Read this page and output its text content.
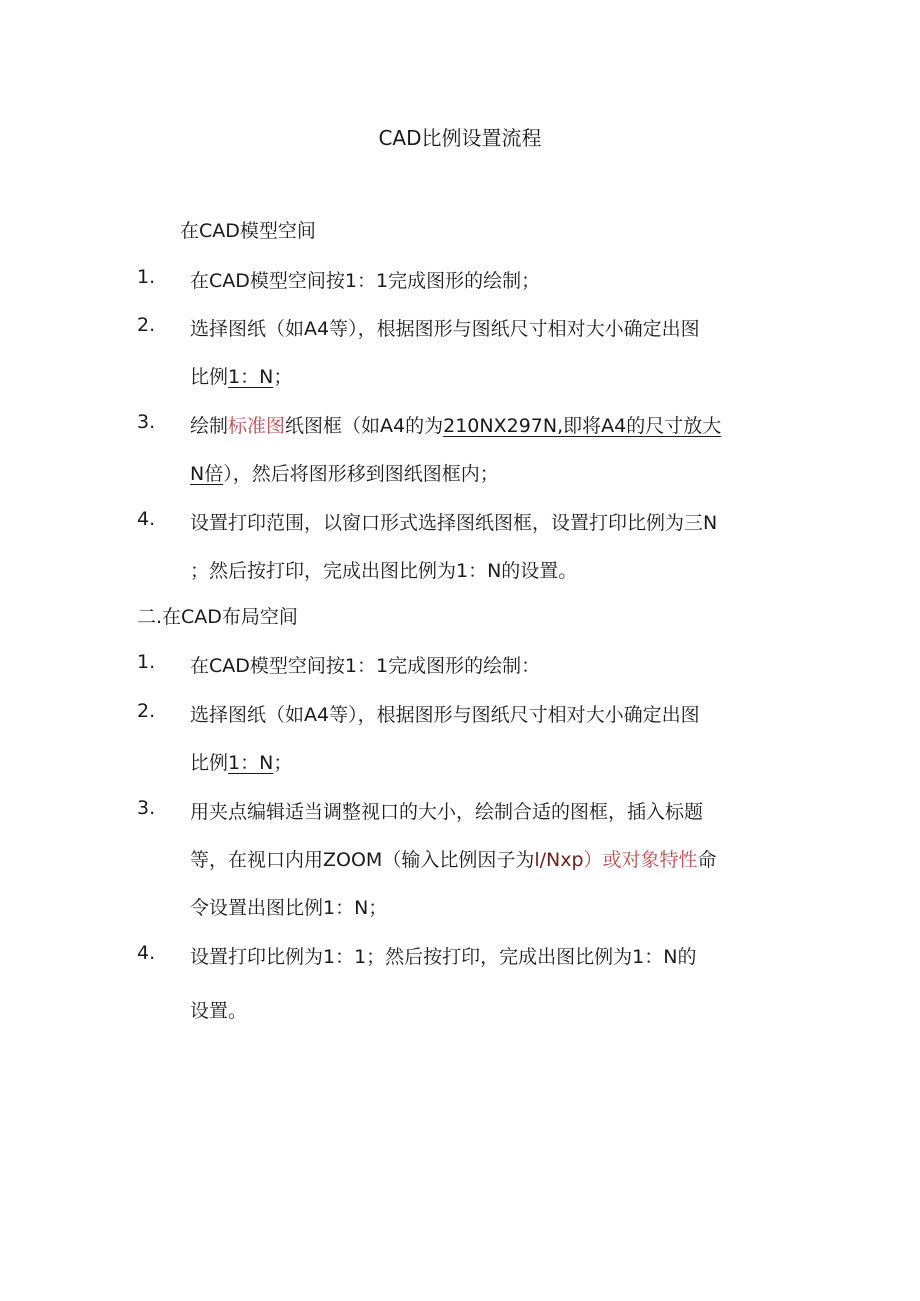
CAD比例设置流程
在CAD模型空间
1. 在CAD模型空间按1：1完成图形的绘制；
2. 选择图纸（如A4等），根据图形与图纸尺寸相对大小确定出图
比例1：N；
3. 绘制标准图纸图框（如A4的为210NX297N,即将A4的尺寸放大
N倍），然后将图形移到图纸图框内；
4. 设置打印范围，以窗口形式选择图纸图框，设置打印比例为三N
；然后按打印，完成出图比例为1：N的设置。
二.在CAD布局空间
1. 在CAD模型空间按1：1完成图形的绘制：
2. 选择图纸（如A4等），根据图形与图纸尺寸相对大小确定出图
比例1：N；
3. 用夹点编辑适当调整视口的大小，绘制合适的图框，插入标题
等，在视口内用ZOOM（输入比例因子为l/Nxp）或对象特性命
令设置出图比例1：N；
4. 设置打印比例为1：1；然后按打印，完成出图比例为1：N的
设置。
